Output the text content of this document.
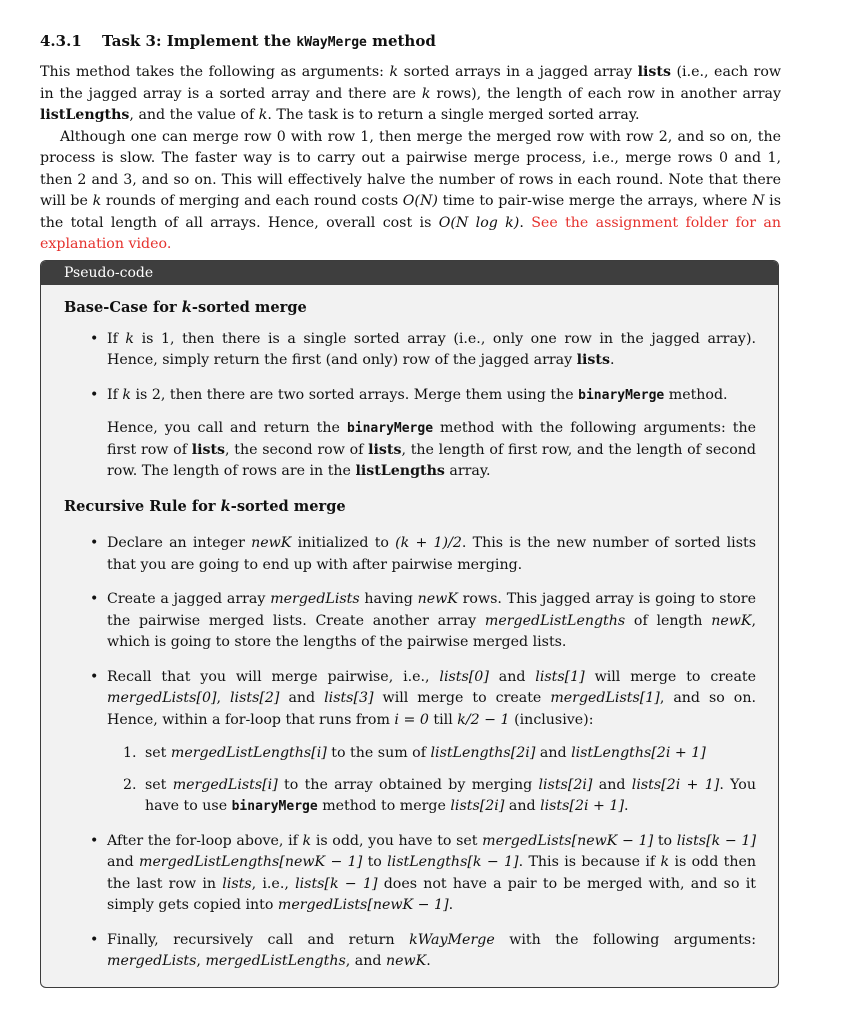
4.3.1 Task 3: Implement the kWayMerge method

This method takes the following as arguments: k sorted arrays in a jagged array lists (i.e., each row in the jagged array is a sorted array and there are k rows), the length of each row in another array listLengths, and the value of k. The task is to return a single merged sorted array.

Although one can merge row 0 with row 1, then merge the merged row with row 2, and so on, the process is slow. The faster way is to carry out a pairwise merge process, i.e., merge rows 0 and 1, then 2 and 3, and so on. This will effectively halve the number of rows in each round. Note that there will be k rounds of merging and each round costs O(N) time to pair-wise merge the arrays, where N is the total length of all arrays. Hence, overall cost is O(N log k). See the assignment folder for an explanation video.

Pseudo-code
Base-Case for k-sorted merge

• If k is 1, then there is a single sorted array (i.e., only one row in the jagged array). Hence, simply return the first (and only) row of the jagged array lists.

• If k is 2, then there are two sorted arrays. Merge them using the binaryMerge method.

Hence, you call and return the binaryMerge method with the following arguments: the first row of lists, the second row of lists, the length of first row, and the length of second row. The length of rows are in the listLengths array.

Recursive Rule for k-sorted merge

• Declare an integer newK initialized to (k + 1)/2. This is the new number of sorted lists that you are going to end up with after pairwise merging.

• Create a jagged array mergedLists having newK rows. This jagged array is going to store the pairwise merged lists. Create another array mergedListLengths of length newK, which is going to store the lengths of the pairwise merged lists.

• Recall that you will merge pairwise, i.e., lists[0] and lists[1] will merge to create mergedLists[0], lists[2] and lists[3] will merge to create mergedLists[1], and so on. Hence, within a for-loop that runs from i = 0 till k/2 − 1 (inclusive):

1. set mergedListLengths[i] to the sum of listLengths[2i] and listLengths[2i + 1]
2. set mergedLists[i] to the array obtained by merging lists[2i] and lists[2i + 1]. You have to use binaryMerge method to merge lists[2i] and lists[2i + 1].

• After the for-loop above, if k is odd, you have to set mergedLists[newK − 1] to lists[k − 1] and mergedListLengths[newK − 1] to listLengths[k − 1]. This is because if k is odd then the last row in lists, i.e., lists[k − 1] does not have a pair to be merged with, and so it simply gets copied into mergedLists[newK − 1].

• Finally, recursively call and return kWayMerge with the following arguments: mergedLists, mergedListLengths, and newK.
